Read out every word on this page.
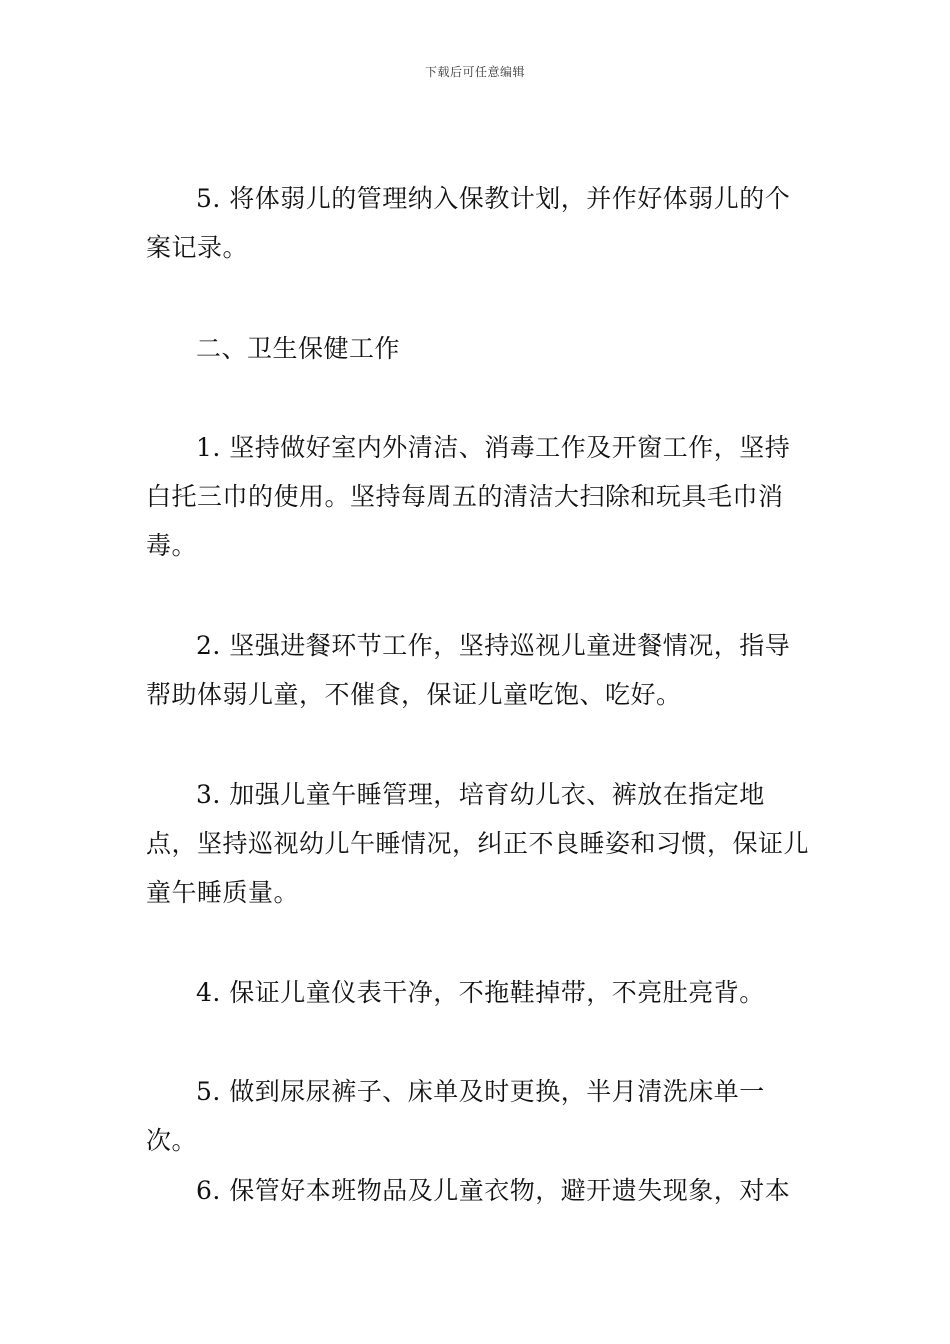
下载后可任意编辑

5. 将体弱儿的管理纳入保教计划，并作好体弱儿的个案记录。

二、卫生保健工作

1. 坚持做好室内外清洁、消毒工作及开窗工作，坚持白托三巾的使用。坚持每周五的清洁大扫除和玩具毛巾消毒。

2. 坚强进餐环节工作，坚持巡视儿童进餐情况，指导帮助体弱儿童，不催食，保证儿童吃饱、吃好。

3. 加强儿童午睡管理，培育幼儿衣、裤放在指定地点，坚持巡视幼儿午睡情况，纠正不良睡姿和习惯，保证儿童午睡质量。

4. 保证儿童仪表干净，不拖鞋掉带，不亮肚亮背。

5. 做到尿尿裤子、床单及时更换，半月清洗床单一次。

6. 保管好本班物品及儿童衣物，避开遗失现象，对本
